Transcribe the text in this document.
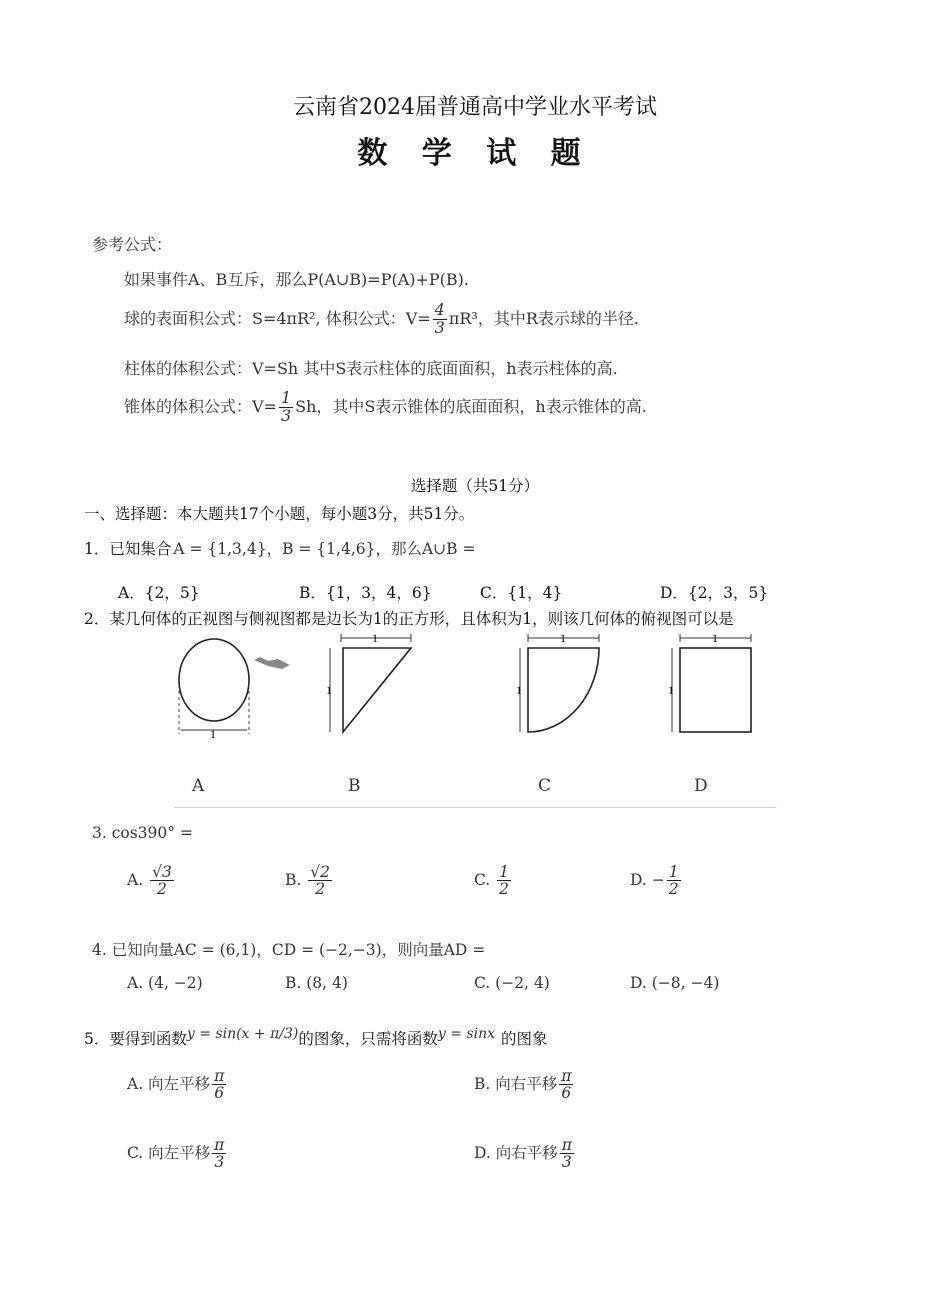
云南省2024届普通高中学业水平考试
数 学 试 题
参考公式：
如果事件A、B互斥，那么P(A∪B)=P(A)+P(B).
球的表面积公式：S=4πR², 体积公式：$V= \frac{4}{3} \pi R^3$，其中R表示球的半径.
柱体的体积公式：V=Sh 其中S表示柱体的底面面积，h表示柱体的高.
锥体的体积公式：$V= \frac{1}{3}$ Sh，其中S表示锥体的底面面积，h表示锥体的高.
选择题（共51分）
一、选择题：本大题共17个小题，每小题3分，共51分。
1．已知集合 A = {1,3,4}，B = {1,4,6}，那么A∪B =
A．{2，5}	B．{1，3，4，6}	C．{1，4}	D．{2，3，5}
2．某几何体的正视图与侧视图都是边长为1的正方形，且体积为1，则该几何体的俯视图可以是
1
1
1
1
1
1
1
A	B	C	D
3. cos390° =
A. $\frac{√3}{2}$	B. $\frac{√2}{2}$	C. $\frac{1}{2}$	D. − $\frac{1}{2}$
4. 已知向量AC = (6,1)，CD = (−2,−3)，则向量AD =
A. (4, −2)	B. (8, 4)	C. (−2, 4)	D. (−8, −4)
5．要得到函数y = sin(x + π/3)的图象，只需将函数y = sinx 的图象
A. 向左平移 $\frac{\pi}{6}$	B. 向右平移 $\frac{\pi}{6}$
C. 向左平移 $\frac{\pi}{3}$	D. 向右平移 $\frac{\pi}{3}$
